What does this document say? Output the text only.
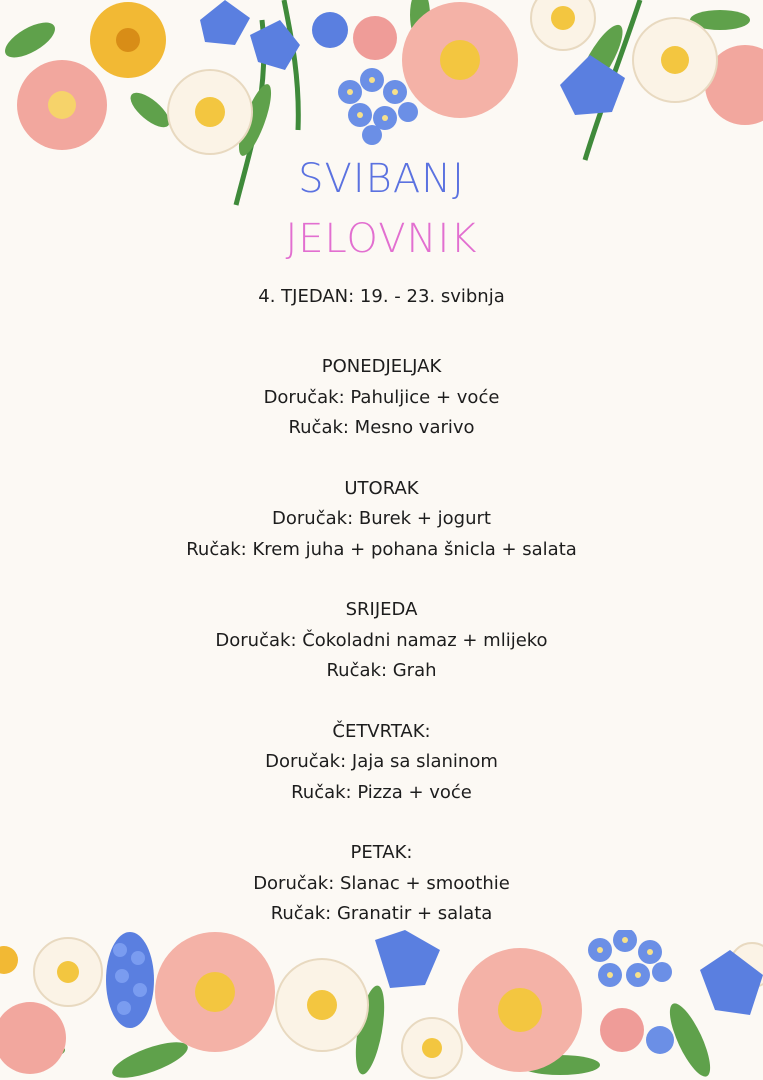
SVIBANJ
JELOVNIK
4. TJEDAN: 19. - 23. svibnja
PONEDJELJAK
Doručak: Pahuljice + voće
Ručak: Mesno varivo
UTORAK
Doručak: Burek + jogurt
Ručak: Krem juha + pohana šnicla + salata
SRIJEDA
Doručak: Čokoladni namaz + mlijeko
Ručak: Grah
ČETVRTAK:
Doručak: Jaja sa slaninom
Ručak: Pizza + voće
PETAK:
Doručak: Slanac + smoothie
Ručak: Granatir + salata
